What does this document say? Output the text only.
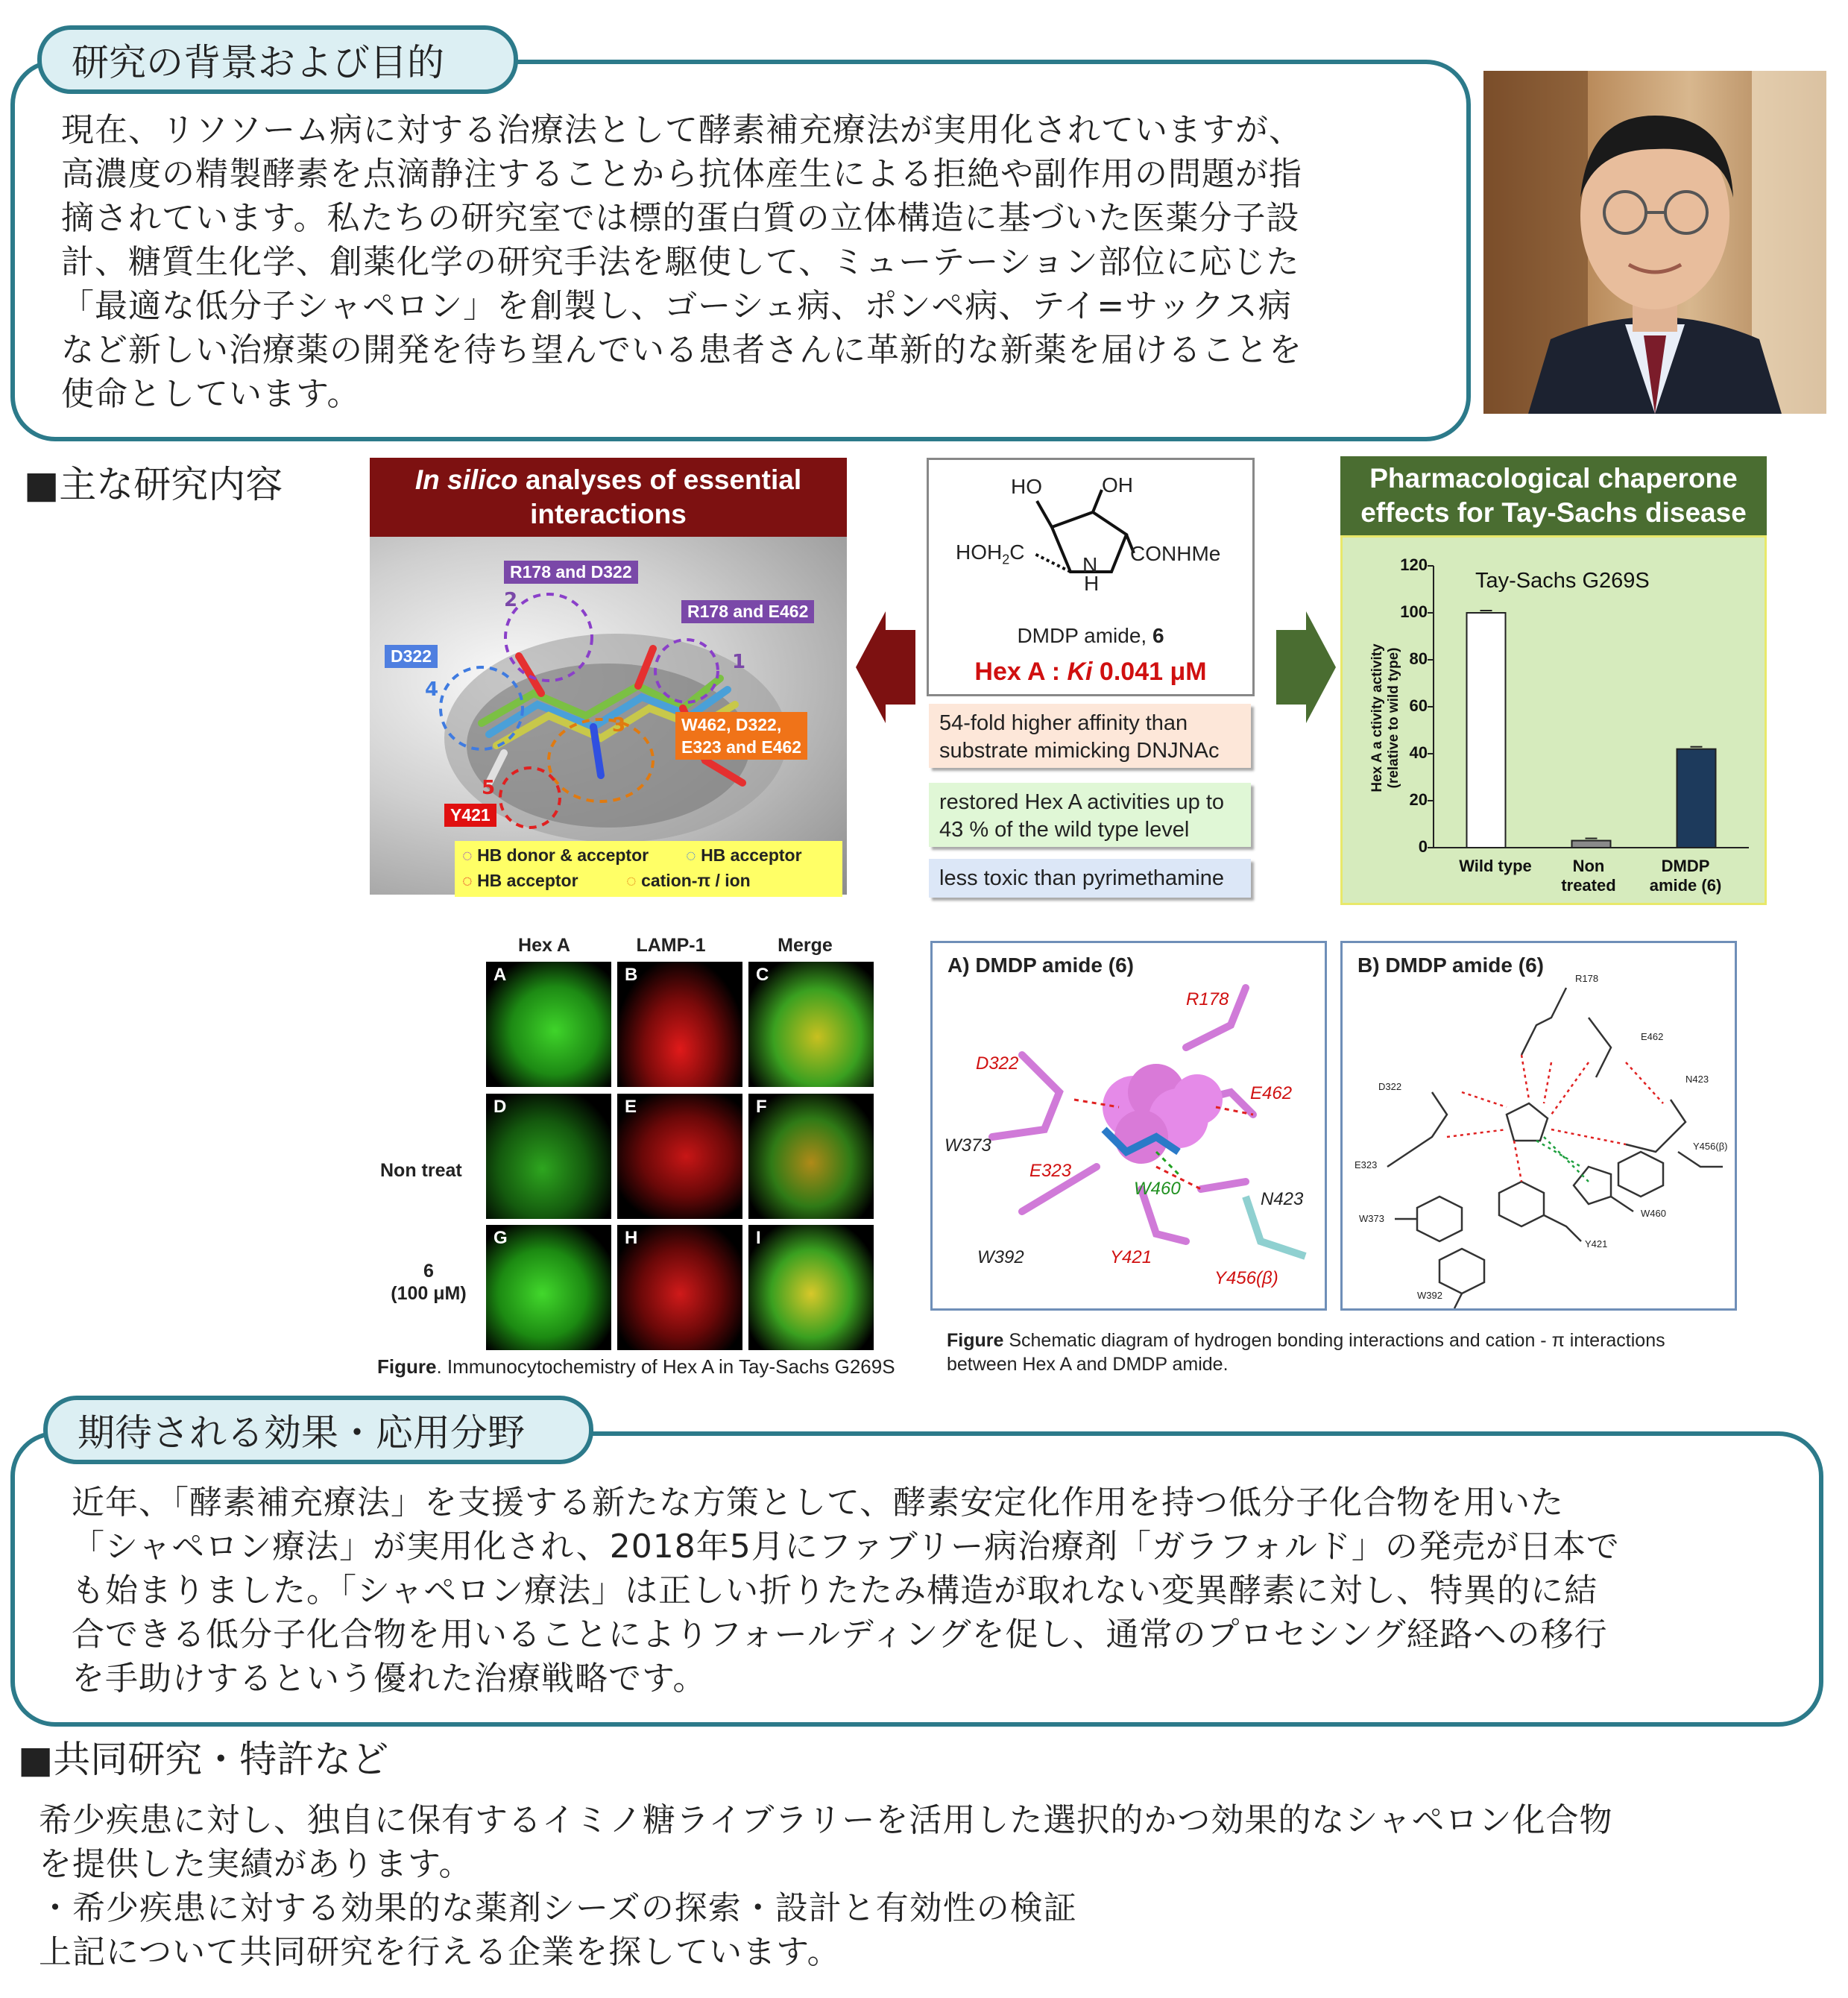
研究の背景および目的
現在、リソソーム病に対する治療法として酵素補充療法が実用化されていますが、
高濃度の精製酵素を点滴静注することから抗体産生による拒絶や副作用の問題が指
摘されています。私たちの研究室では標的蛋白質の立体構造に基づいた医薬分子設
計、糖質生化学、創薬化学の研究手法を駆使して、ミューテーション部位に応じた
「最適な低分子シャペロン」を創製し、ゴーシェ病、ポンペ病、テイ=サックス病
など新しい治療薬の開発を待ち望んでいる患者さんに革新的な新薬を届けることを
使命としています。
■主な研究内容	In silico analyses of essential
interactions
R178 and D322
R178 and E462
D322
W462, D322,
E323 and E462
Y421
1
2
3
4
5
◌ HB donor & acceptor ◌ HB acceptor
◌ HB acceptor	◌ cation-π / ion
HO	OH
$HOH_2C$	CONHMe
N
H
DMDP amide, 6
Hex A : Ki 0.041 μM
54-fold higher affinity than
substrate mimicking DNJNAc
restored Hex A activities up to
43 % of the wild type level
less toxic than pyrimethamine
Pharmacological chaperone
effects for Tay-Sachs disease
Tay-Sachs G269S
Hex A a ctivity activity (relative to wild type)
0
20
40
60
80
100
120
Wild type	Non
treated
DMDP
amide (6)
Hex A	LAMP-1	Merge
A	B	C
D	E	F
G	H	I
Non treat
6
(100 μM)
Figure. Immunocytochemistry of Hex A in Tay-Sachs G269S
A) DMDP amide (6)
R178
D322
E462
W373
E323
W460
N423
W392	Y421
Y456(β)
B) DMDP amide (6)
R178
E462
D322
N423
E323
W373	W460
Y421
W392
Y456(β)
Figure Schematic diagram of hydrogen bonding interactions and cation - π interactions
between Hex A and DMDP amide.
期待される効果・応用分野
近年、「酵素補充療法」を支援する新たな方策として、酵素安定化作用を持つ低分子化合物を用いた
「シャペロン療法」が実用化され、2018年5月にファブリー病治療剤「ガラフォルド」の発売が日本で
も始まりました。「シャペロン療法」は正しい折りたたみ構造が取れない変異酵素に対し、特異的に結
合できる低分子化合物を用いることによりフォールディングを促し、通常のプロセシング経路への移行
を手助けするという優れた治療戦略です。
■共同研究・特許など
希少疾患に対し、独自に保有するイミノ糖ライブラリーを活用した選択的かつ効果的なシャペロン化合物
を提供した実績があります。
・希少疾患に対する効果的な薬剤シーズの探索・設計と有効性の検証
上記について共同研究を行える企業を探しています。
